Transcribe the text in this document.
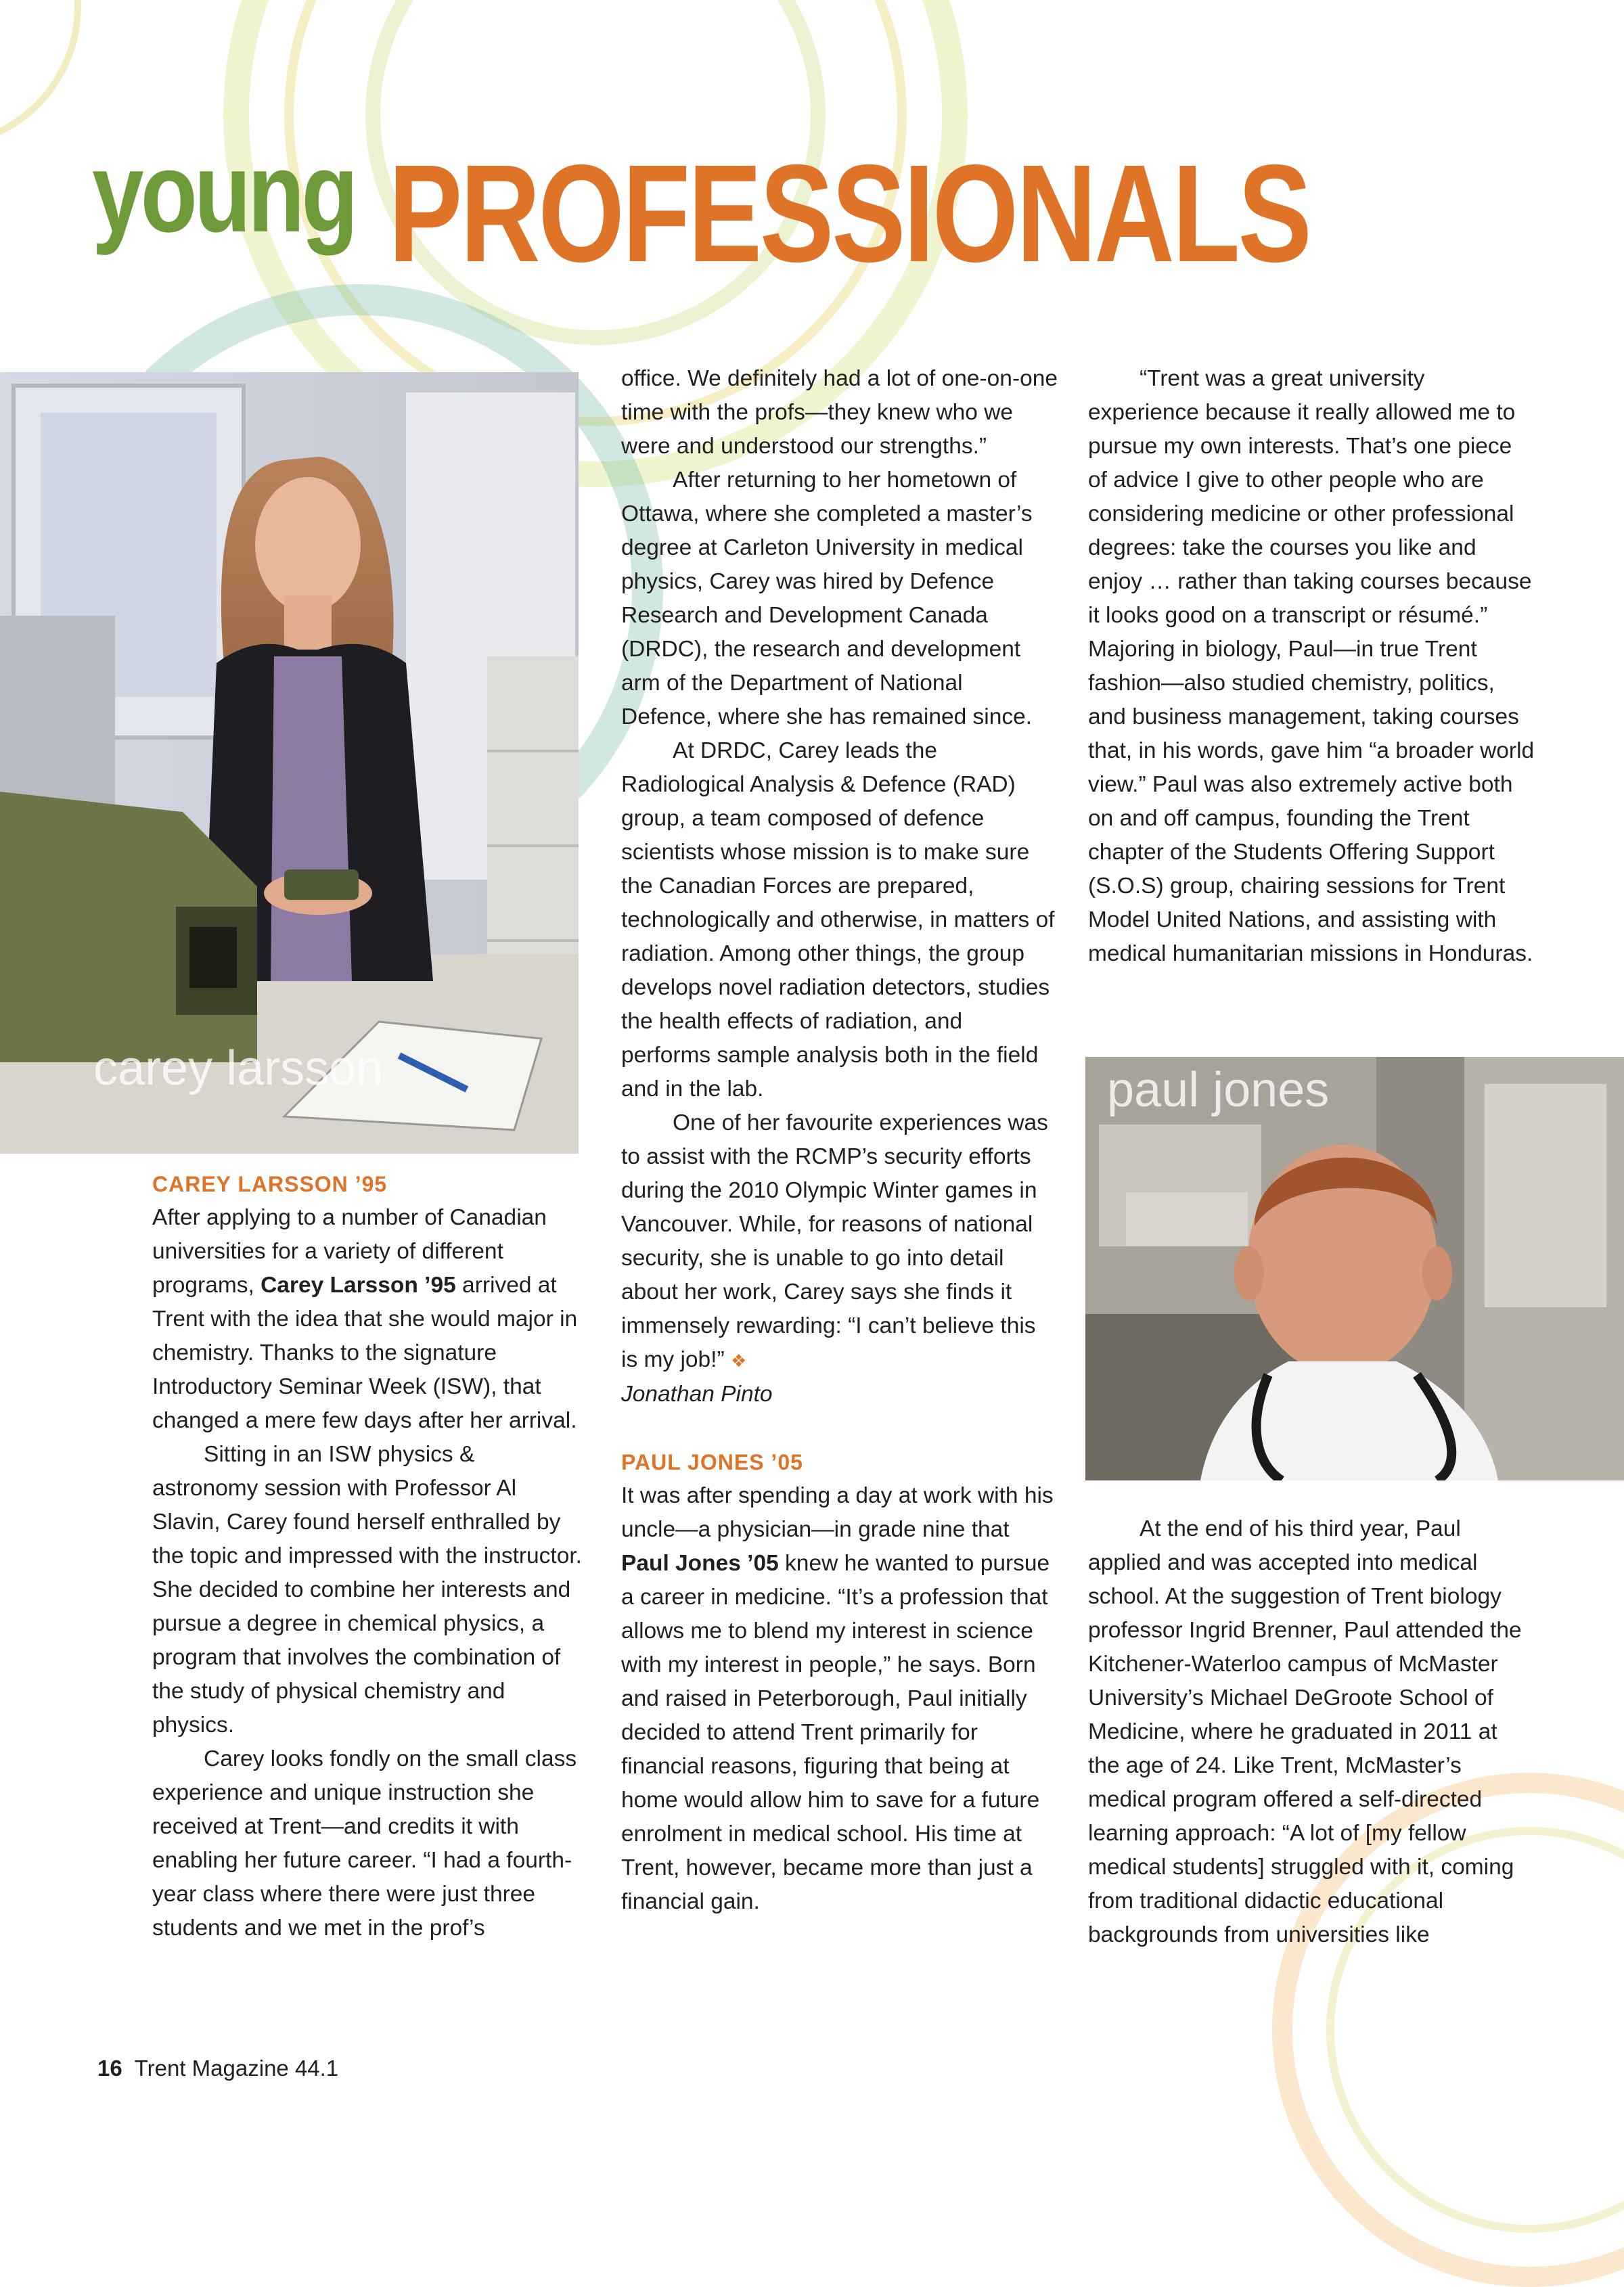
young PROFESSIONALS
carey larsson	paul jones

CAREY LARSSON ’95

After applying to a number of Canadian universities for a variety of different programs, Carey Larsson ’95 arrived at Trent with the idea that she would major in chemistry. Thanks to the signature Introductory Seminar Week (ISW), that changed a mere few days after her arrival.

Sitting in an ISW physics & astronomy session with Professor Al Slavin, Carey found herself enthralled by the topic and impressed with the instructor. She decided to combine her interests and pursue a degree in chemical physics, a program that involves the combination of the study of physical chemistry and physics.

Carey looks fondly on the small class experience and unique instruction she received at Trent—and credits it with enabling her future career. “I had a fourth-year class where there were just three students and we met in the prof’s

office. We definitely had a lot of one-on-one time with the profs—they knew who we were and understood our strengths.”

After returning to her hometown of Ottawa, where she completed a master’s degree at Carleton University in medical physics, Carey was hired by Defence Research and Development Canada (DRDC), the research and development arm of the Department of National Defence, where she has remained since.

At DRDC, Carey leads the Radiological Analysis & Defence (RAD) group, a team composed of defence scientists whose mission is to make sure the Canadian Forces are prepared, technologically and otherwise, in matters of radiation. Among other things, the group develops novel radiation detectors, studies the health effects of radiation, and performs sample analysis both in the field and in the lab.

One of her favourite experiences was to assist with the RCMP’s security efforts during the 2010 Olympic Winter games in Vancouver. While, for reasons of national security, she is unable to go into detail about her work, Carey says she finds it immensely rewarding: “I can’t believe this is my job!” ❖

Jonathan Pinto

PAUL JONES ’05

It was after spending a day at work with his uncle—a physician—in grade nine that Paul Jones ’05 knew he wanted to pursue a career in medicine. “It’s a profession that allows me to blend my interest in science with my interest in people,” he says. Born and raised in Peterborough, Paul initially decided to attend Trent primarily for financial reasons, figuring that being at home would allow him to save for a future enrolment in medical school. His time at Trent, however, became more than just a financial gain.

“Trent was a great university experience because it really allowed me to pursue my own interests. That’s one piece of advice I give to other people who are considering medicine or other professional degrees: take the courses you like and enjoy … rather than taking courses because it looks good on a transcript or résumé.” Majoring in biology, Paul—in true Trent fashion—also studied chemistry, politics, and business management, taking courses that, in his words, gave him “a broader world view.” Paul was also extremely active both on and off campus, founding the Trent chapter of the Students Offering Support (S.O.S) group, chairing sessions for Trent Model United Nations, and assisting with medical humanitarian missions in Honduras.

At the end of his third year, Paul applied and was accepted into medical school. At the suggestion of Trent biology professor Ingrid Brenner, Paul attended the Kitchener-Waterloo campus of McMaster University’s Michael DeGroote School of Medicine, where he graduated in 2011 at the age of 24. Like Trent, McMaster’s medical program offered a self-directed learning approach: “A lot of [my fellow medical students] struggled with it, coming from traditional didactic educational backgrounds from universities like

16 Trent Magazine 44.1
